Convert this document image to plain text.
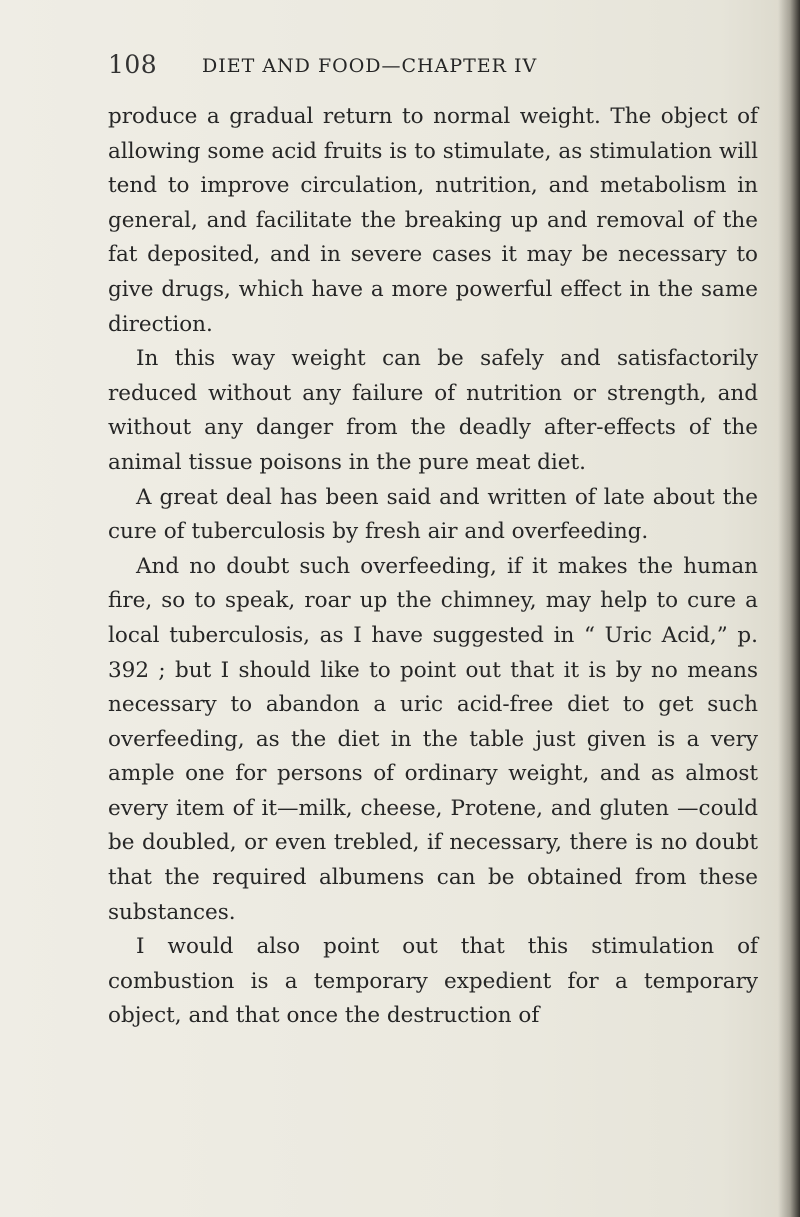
108 DIET AND FOOD—CHAPTER IV

produce a gradual return to normal weight. The object of allowing some acid fruits is to stimulate, as stimulation will tend to improve circulation, nutrition, and metabolism in general, and facilitate the breaking up and removal of the fat deposited, and in severe cases it may be necessary to give drugs, which have a more powerful effect in the same direction.

In this way weight can be safely and satisfactorily reduced without any failure of nutrition or strength, and without any danger from the deadly after-effects of the animal tissue poisons in the pure meat diet.

A great deal has been said and written of late about the cure of tuberculosis by fresh air and overfeeding.

And no doubt such overfeeding, if it makes the human fire, so to speak, roar up the chimney, may help to cure a local tuberculosis, as I have suggested in “ Uric Acid,” p. 392 ; but I should like to point out that it is by no means necessary to abandon a uric acid-free diet to get such overfeeding, as the diet in the table just given is a very ample one for persons of ordinary weight, and as almost every item of it—milk, cheese, Protene, and gluten —could be doubled, or even trebled, if necessary, there is no doubt that the required albumens can be obtained from these substances.

I would also point out that this stimulation of combustion is a temporary expedient for a temporary object, and that once the destruction of
